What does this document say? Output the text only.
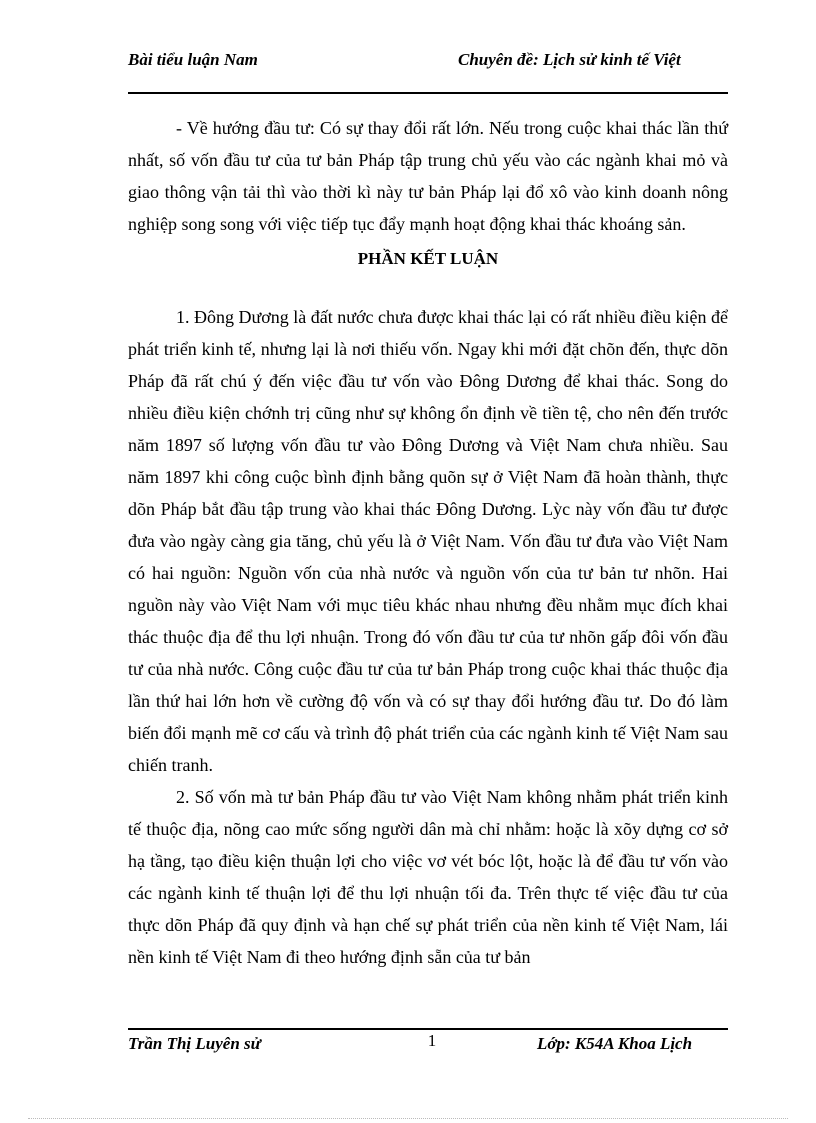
Bài tiểu luận Nam	Chuyên đề: Lịch sử kinh tế Việt

- Về hướng đầu tư: Có sự thay đổi rất lớn. Nếu trong cuộc khai thác lần thứ nhất, số vốn đầu tư của tư bản Pháp tập trung chủ yếu vào các ngành khai mỏ và giao thông vận tải thì vào thời kì này tư bản Pháp lại đổ xô vào kinh doanh nông nghiệp song song với việc tiếp tục đẩy mạnh hoạt động khai thác khoáng sản.

PHẦN KẾT LUẬN

1. Đông Dương là đất nước chưa được khai thác lại có rất nhiều điều kiện để phát triển kinh tế, nhưng lại là nơi thiếu vốn. Ngay khi mới đặt chõn đến, thực dõn Pháp đã rất chú ý đến việc đầu tư vốn vào Đông Dương để khai thác. Song do nhiều điều kiện chớnh trị cũng như sự không ổn định về tiền tệ, cho nên đến trước năm 1897 số lượng vốn đầu tư vào Đông Dương và Việt Nam chưa nhiều. Sau năm 1897 khi công cuộc bình định bằng quõn sự ở Việt Nam đã hoàn thành, thực dõn Pháp bắt đầu tập trung vào khai thác Đông Dương. Lỳc này vốn đầu tư được đưa vào ngày càng gia tăng, chủ yếu là ở Việt Nam. Vốn đầu tư đưa vào Việt Nam có hai nguồn: Nguồn vốn của nhà nước và nguồn vốn của tư bản tư nhõn. Hai nguồn này vào Việt Nam với mục tiêu khác nhau nhưng đều nhằm mục đích khai thác thuộc địa để thu lợi nhuận. Trong đó vốn đầu tư của tư nhõn gấp đôi vốn đầu tư của nhà nước. Công cuộc đầu tư của tư bản Pháp trong cuộc khai thác thuộc địa lần thứ hai lớn hơn về cường độ vốn và có sự thay đổi hướng đầu tư. Do đó làm biến đổi mạnh mẽ cơ cấu và trình độ phát triển của các ngành kinh tế Việt Nam sau chiến tranh.

2. Số vốn mà tư bản Pháp đầu tư vào Việt Nam không nhằm phát triển kinh tế thuộc địa, nõng cao mức sống người dân mà chỉ nhằm: hoặc là xõy dựng cơ sở hạ tầng, tạo điều kiện thuận lợi cho việc vơ vét bóc lột, hoặc là để đầu tư vốn vào các ngành kinh tế thuận lợi để thu lợi nhuận tối đa. Trên thực tế việc đầu tư của thực dõn Pháp đã quy định và hạn chế sự phát triển của nền kinh tế Việt Nam, lái nền kinh tế Việt Nam đi theo hướng định sẵn của tư bản

Trần Thị Luyên sử	1	Lớp: K54A Khoa Lịch
